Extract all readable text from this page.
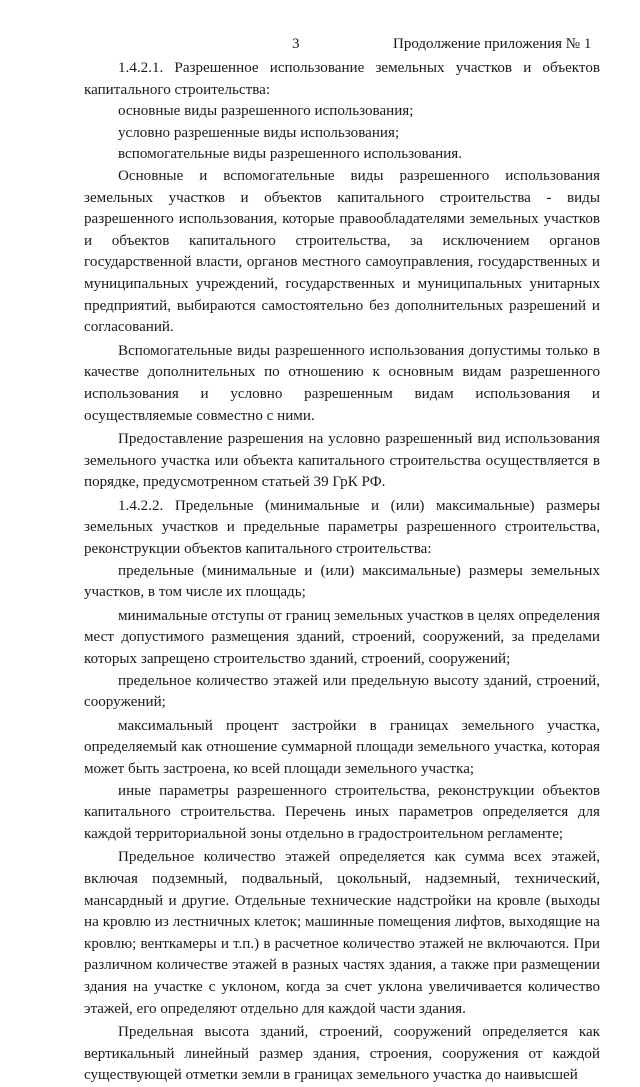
3	Продолжение приложения № 1

1.4.2.1. Разрешенное использование земельных участков и объектов капитального строительства:

основные виды разрешенного использования;

условно разрешенные виды использования;

вспомогательные виды разрешенного использования.

Основные и вспомогательные виды разрешенного использования земельных участков и объектов капитального строительства - виды разрешенного использования, которые правообладателями земельных участков и объектов капитального строительства, за исключением органов государственной власти, органов местного самоуправления, государственных и муниципальных учреждений, государственных и муниципальных унитарных предприятий, выбираются самостоятельно без дополнительных разрешений и согласований.

Вспомогательные виды разрешенного использования допустимы только в качестве дополнительных по отношению к основным видам разрешенного использования и условно разрешенным видам использования и осуществляемые совместно с ними.

Предоставление разрешения на условно разрешенный вид использования земельного участка или объекта капитального строительства осуществляется в порядке, предусмотренном статьей 39 ГрК РФ.

1.4.2.2. Предельные (минимальные и (или) максимальные) размеры земельных участков и предельные параметры разрешенного строительства, реконструкции объектов капитального строительства:

предельные (минимальные и (или) максимальные) размеры земельных участков, в том числе их площадь;

минимальные отступы от границ земельных участков в целях определения мест допустимого размещения зданий, строений, сооружений, за пределами которых запрещено строительство зданий, строений, сооружений;

предельное количество этажей или предельную высоту зданий, строений, сооружений;

максимальный процент застройки в границах земельного участка, определяемый как отношение суммарной площади земельного участка, которая может быть застроена, ко всей площади земельного участка;

иные параметры разрешенного строительства, реконструкции объектов капитального строительства. Перечень иных параметров определяется для каждой территориальной зоны отдельно в градостроительном регламенте;

Предельное количество этажей определяется как сумма всех этажей, включая подземный, подвальный, цокольный, надземный, технический, мансардный и другие. Отдельные технические надстройки на кровле (выходы на кровлю из лестничных клеток; машинные помещения лифтов, выходящие на кровлю; венткамеры и т.п.) в расчетное количество этажей не включаются. При различном количестве этажей в разных частях здания, а также при размещении здания на участке с уклоном, когда за счет уклона увеличивается количество этажей, его определяют отдельно для каждой части здания.

Предельная высота зданий, строений, сооружений определяется как вертикальный линейный размер здания, строения, сооружения от каждой существующей отметки земли в границах земельного участка до наивысшей
